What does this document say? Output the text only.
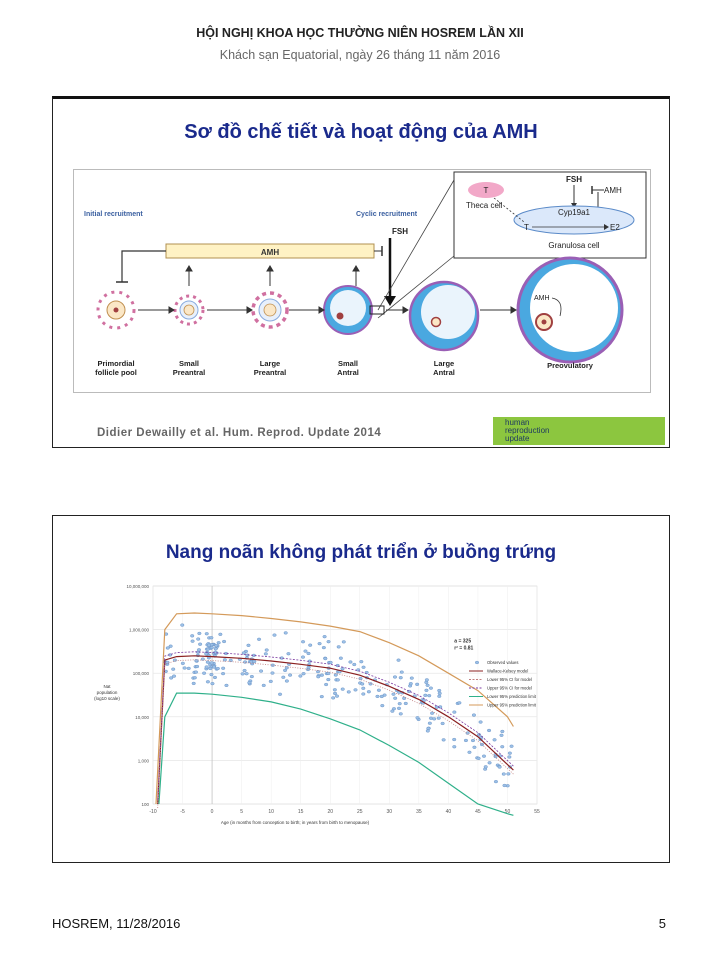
HỘI NGHỊ KHOA HỌC THƯỜNG NIÊN HOSREM LẦN XII
Khách sạn Equatorial, ngày 26 tháng 11 năm 2016
Sơ đồ chế tiết và hoạt động của AMH
Initial recruitment	Cyclic recruitment
AMH
FSH
T
Theca cell
FSH
AMH
Cyp19a1
T	E2
Granulosa cell
AMH
Primordial
follicle pool
Small
Preantral
Large
Preantral
Small
Antral
Large
Antral
Preovulatory
Didier Dewailly et al. Hum. Reprod. Update 2014
human
reproduction
update
Nang noãn không phát triển ở buồng trứng
100
1,000
10,000
100,000
1,000,000
10,000,000
-10	-5	0	5	10	15	20	25	30	35	40	45	50	55
Nat
population
(log10 scale)
Age (in months from conception to birth; in years from birth to menopause)
a = 325
r² = 0.81
Observed values
Wallace-Kelsey model
Lower 95% CI for model
Upper 95% CI for model
Lower 95% prediction limit
Upper 95% prediction limit
HOSREM, 11/28/2016	5
